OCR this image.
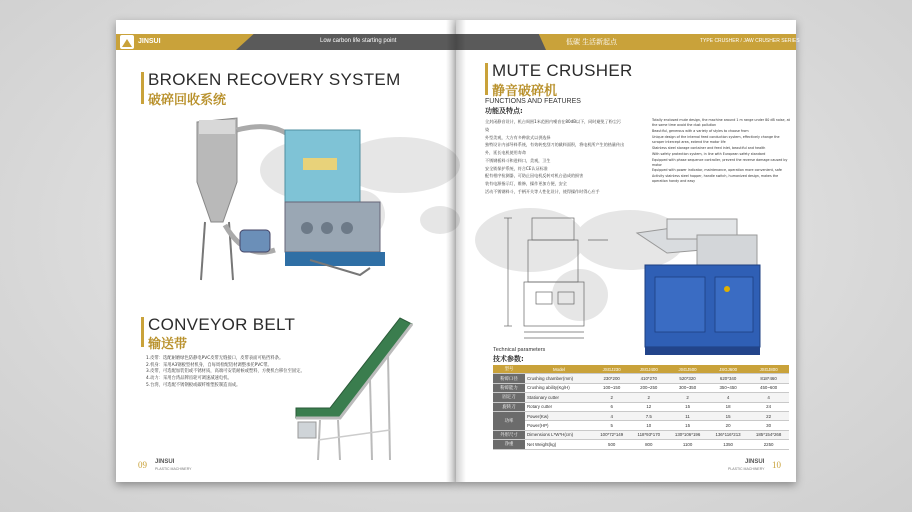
JINSUI	Low carbon life starting point	低碳 生活新起点	TYPE CRUSHER / JAW CRUSHER SERIES
BROKEN RECOVERY SYSTEM
破碎回收系统
CONVEYOR BELT
输送带
1.皮带：选配耐磨绿色防静电PVC皮带无缝接口，皮带表面可贴挡料条。
2.机身：采用A3钢板型材机身，自每周检配铝材调整承托PVC带。
3.皮带，可选配加装铝或不锈材质，高端可安装耐候或塑料，方便机台移位至固定。
4.动力：采用台湾品牌齿轮可调速减速电机。
5.台湾，可选配不锈钢板或碳纤维塑胶制造而成。
09 JINSUI
PLASTIC MACHINERY
MUTE CRUSHER
静音破碎机
FUNCTIONS AND FEATURES
功能及特点:
全封闭静音设计，机台周围1米范围内噪音在80dB以下，同时避免了粉尘污染
外型美观，大方有多种款式以供选择
独特设计内部导料系统，有效转变刮刀的截料面积，将电机所产生的热量传出外，延长电机使用寿命
不锈钢板料斗和进料口，美观，卫生
安全锁保护系统，符合CE认证标准
配有相序检测器，可防止因电机反转对机台造成的损害
装有电源指示灯，维修，操作更加方便，安全
活动不锈钢料斗，手柄开关等人性化设计，使得操作时得心应手
Totally enclosed mute design, the machine around 1 m range under 80 dB noise, at the same time avoid the dust pollution
Beautiful, generous with a variety of styles to choose from
Unique design of the internal feed conduction system, effectively change the scraper intercept area, extend the motor life
Stainless steel storage container and feed inlet, beautiful and health
With safety protection system, in line with European safety standard
Equipped with phase sequence controller, prevent the reverse damage caused by motor
Equipped with power indicator, maintenance, operation more convenient, safe
Activity stainless steel hopper, handle switch, humanized design, makes the operation handy and easy
Technical parameters
技术参数:
型号	Model	JSGJ230	JSGJ400	JSGJ500	JSGJ600	JSGJ800
粉碎口径	Crushing chamber(mm)	230*200	410*270	520*320	620*340	818*460
粉碎能力	Crushing ability(Kg/H)	100~150	200~250	300~350	350~450	450~600
固定刀	Stationary cutter	2	2	2	4	4
旋转刀	Rotary cutter	6	12	15	18	24
功率	Power(Kw)	4	7.5	11	15	22
	Power(HP)	5	10	15	20	30
外形尺寸	Dimensions L*W*H(cm)	100*72*149	118*93*170	130*106*196	136*116*213	185*154*268
净重	Net Weight(kg)	500	800	1100	1350	2250
JINSUI
PLASTIC MACHINERY 10
